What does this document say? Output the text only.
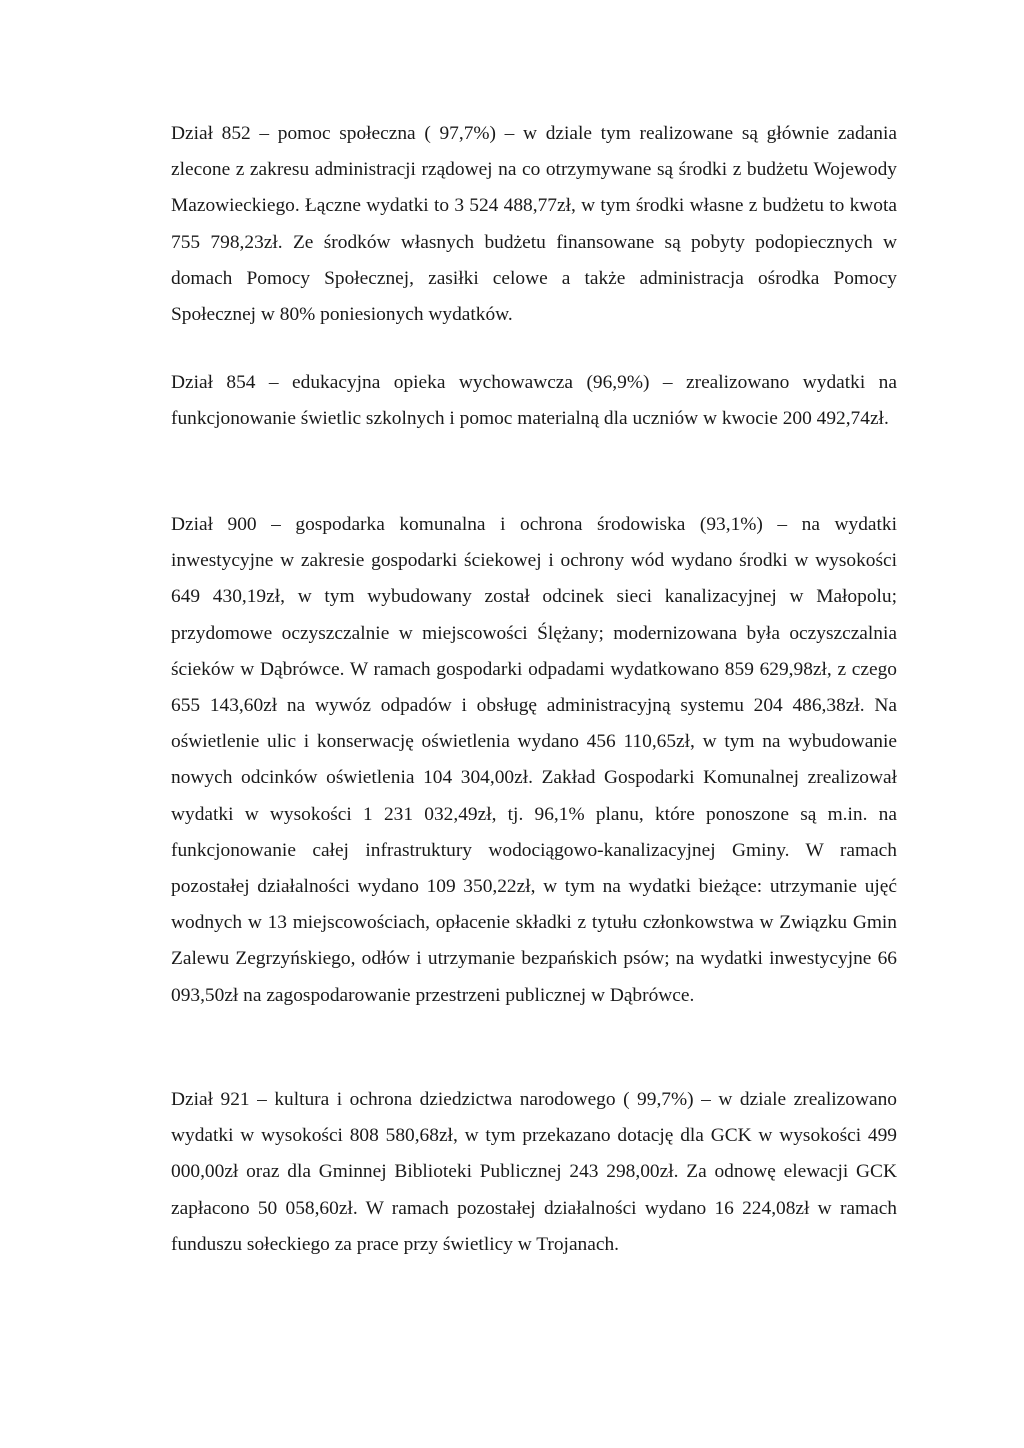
Dział 852 – pomoc społeczna ( 97,7%) – w dziale tym realizowane są głównie zadania zlecone z zakresu administracji rządowej na co otrzymywane są środki z budżetu Wojewody Mazowieckiego. Łączne wydatki to 3 524 488,77zł, w tym środki własne z budżetu to kwota 755 798,23zł. Ze środków własnych budżetu finansowane są pobyty podopiecznych w domach Pomocy Społecznej, zasiłki celowe a także administracja ośrodka Pomocy Społecznej w 80% poniesionych wydatków.

Dział 854 – edukacyjna opieka wychowawcza (96,9%) – zrealizowano wydatki na funkcjonowanie świetlic szkolnych i pomoc materialną dla uczniów w kwocie 200 492,74zł.

Dział 900 – gospodarka komunalna i ochrona środowiska (93,1%) – na wydatki inwestycyjne w zakresie gospodarki ściekowej i ochrony wód wydano środki w wysokości 649 430,19zł, w tym wybudowany został odcinek sieci kanalizacyjnej w Małopolu; przydomowe oczyszczalnie w miejscowości Ślężany; modernizowana była oczyszczalnia ścieków w Dąbrówce. W ramach gospodarki odpadami wydatkowano 859 629,98zł, z czego 655 143,60zł na wywóz odpadów i obsługę administracyjną systemu 204 486,38zł. Na oświetlenie ulic i konserwację oświetlenia wydano 456 110,65zł, w tym na wybudowanie nowych odcinków oświetlenia 104 304,00zł. Zakład Gospodarki Komunalnej zrealizował wydatki w wysokości 1 231 032,49zł, tj. 96,1% planu, które ponoszone są m.in. na funkcjonowanie całej infrastruktury wodociągowo-kanalizacyjnej Gminy. W ramach pozostałej działalności wydano 109 350,22zł, w tym na wydatki bieżące: utrzymanie ujęć wodnych w 13 miejscowościach, opłacenie składki z tytułu członkowstwa w Związku Gmin Zalewu Zegrzyńskiego, odłów i utrzymanie bezpańskich psów; na wydatki inwestycyjne 66 093,50zł na zagospodarowanie przestrzeni publicznej w Dąbrówce.

Dział 921 – kultura i ochrona dziedzictwa narodowego ( 99,7%) – w dziale zrealizowano wydatki w wysokości 808 580,68zł, w tym przekazano dotację dla GCK w wysokości 499 000,00zł oraz dla Gminnej Biblioteki Publicznej 243 298,00zł. Za odnowę elewacji GCK zapłacono 50 058,60zł. W ramach pozostałej działalności wydano 16 224,08zł w ramach funduszu sołeckiego za prace przy świetlicy w Trojanach.
